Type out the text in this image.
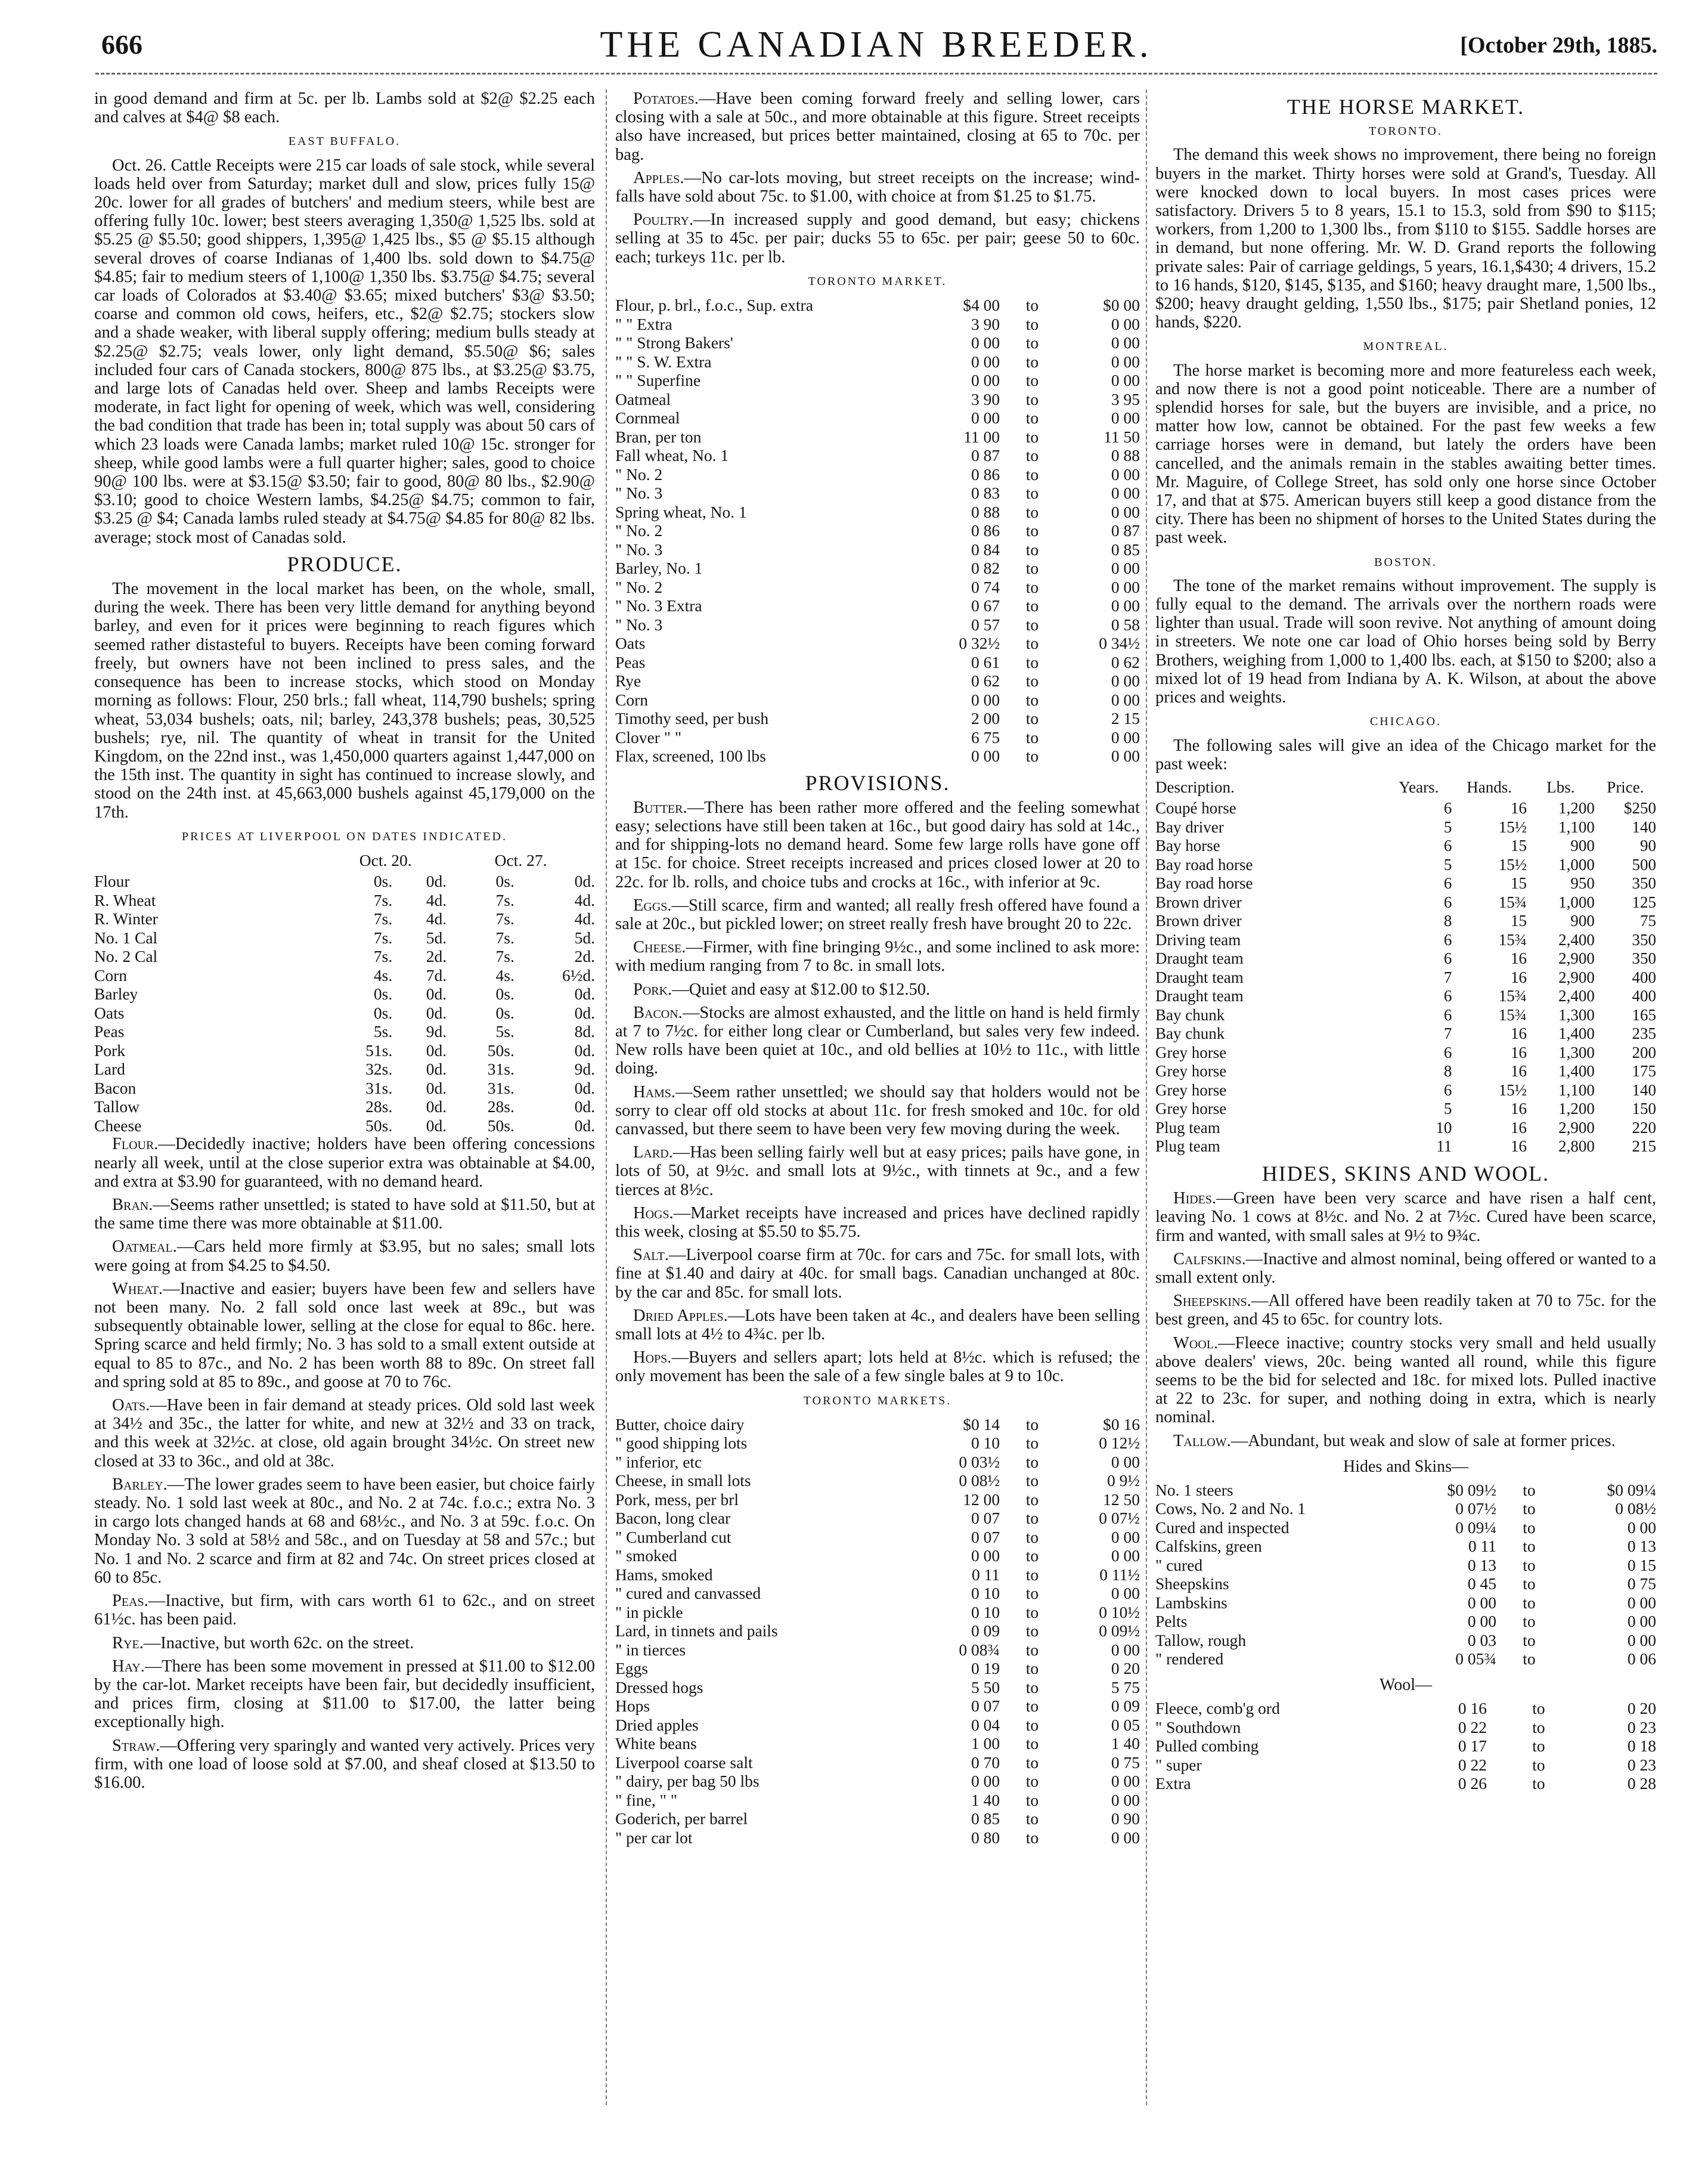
666	THE CANADIAN BREEDER.	[October 29th, 1885.

in good demand and firm at 5c. per lb. Lambs sold at $2@ $2.25 each and calves at $4@ $8 each.

EAST BUFFALO.

Oct. 26. Cattle Receipts were 215 car loads of sale stock, while several loads held over from Saturday; market dull and slow, prices fully 15@ 20c. lower for all grades of butchers' and medium steers, while best are offering fully 10c. lower; best steers averaging 1,350@ 1,525 lbs. sold at $5.25 @ $5.50; good shippers, 1,395@ 1,425 lbs., $5 @ $5.15 although several droves of coarse Indianas of 1,400 lbs. sold down to $4.75@ $4.85; fair to medium steers of 1,100@ 1,350 lbs. $3.75@ $4.75; several car loads of Colorados at $3.40@ $3.65; mixed butchers' $3@ $3.50; coarse and common old cows, heifers, etc., $2@ $2.75; stockers slow and a shade weaker, with liberal supply offering; medium bulls steady at $2.25@ $2.75; veals lower, only light demand, $5.50@ $6; sales included four cars of Canada stockers, 800@ 875 lbs., at $3.25@ $3.75, and large lots of Canadas held over. Sheep and lambs Receipts were moderate, in fact light for opening of week, which was well, considering the bad condition that trade has been in; total supply was about 50 cars of which 23 loads were Canada lambs; market ruled 10@ 15c. stronger for sheep, while good lambs were a full quarter higher; sales, good to choice 90@ 100 lbs. were at $3.15@ $3.50; fair to good, 80@ 80 lbs., $2.90@ $3.10; good to choice Western lambs, $4.25@ $4.75; common to fair, $3.25 @ $4; Canada lambs ruled steady at $4.75@ $4.85 for 80@ 82 lbs. average; stock most of Canadas sold.

PRODUCE.

The movement in the local market has been, on the whole, small, during the week. There has been very little demand for anything beyond barley, and even for it prices were beginning to reach figures which seemed rather distasteful to buyers. Receipts have been coming forward freely, but owners have not been inclined to press sales, and the consequence has been to increase stocks, which stood on Monday morning as follows: Flour, 250 brls.; fall wheat, 114,790 bushels; spring wheat, 53,034 bushels; oats, nil; barley, 243,378 bushels; peas, 30,525 bushels; rye, nil. The quantity of wheat in transit for the United Kingdom, on the 22nd inst., was 1,450,000 quarters against 1,447,000 on the 15th inst. The quantity in sight has continued to increase slowly, and stood on the 24th inst. at 45,663,000 bushels against 45,179,000 on the 17th.

PRICES AT LIVERPOOL ON DATES INDICATED.
	Oct. 20.		Oct. 27.	
Flour	0s.	0d.	0s.	0d.
R. Wheat	7s.	4d.	7s.	4d.
R. Winter	7s.	4d.	7s.	4d.
No. 1 Cal	7s.	5d.	7s.	5d.
No. 2 Cal	7s.	2d.	7s.	2d.
Corn	4s.	7d.	4s.	6½d.
Barley	0s.	0d.	0s.	0d.
Oats	0s.	0d.	0s.	0d.
Peas	5s.	9d.	5s.	8d.
Pork	51s.	0d.	50s.	0d.
Lard	32s.	0d.	31s.	9d.
Bacon	31s.	0d.	31s.	0d.
Tallow	28s.	0d.	28s.	0d.
Cheese	50s.	0d.	50s.	0d.

Flour.—Decidedly inactive; holders have been offering concessions nearly all week, until at the close superior extra was obtainable at $4.00, and extra at $3.90 for guaranteed, with no demand heard.

Bran.—Seems rather unsettled; is stated to have sold at $11.50, but at the same time there was more obtainable at $11.00.

Oatmeal.—Cars held more firmly at $3.95, but no sales; small lots were going at from $4.25 to $4.50.

Wheat.—Inactive and easier; buyers have been few and sellers have not been many. No. 2 fall sold once last week at 89c., but was subsequently obtainable lower, selling at the close for equal to 86c. here. Spring scarce and held firmly; No. 3 has sold to a small extent outside at equal to 85 to 87c., and No. 2 has been worth 88 to 89c. On street fall and spring sold at 85 to 89c., and goose at 70 to 76c.

Oats.—Have been in fair demand at steady prices. Old sold last week at 34½ and 35c., the latter for white, and new at 32½ and 33 on track, and this week at 32½c. at close, old again brought 34½c. On street new closed at 33 to 36c., and old at 38c.

Barley.—The lower grades seem to have been easier, but choice fairly steady. No. 1 sold last week at 80c., and No. 2 at 74c. f.o.c.; extra No. 3 in cargo lots changed hands at 68 and 68½c., and No. 3 at 59c. f.o.c. On Monday No. 3 sold at 58½ and 58c., and on Tuesday at 58 and 57c.; but No. 1 and No. 2 scarce and firm at 82 and 74c. On street prices closed at 60 to 85c.

Peas.—Inactive, but firm, with cars worth 61 to 62c., and on street 61½c. has been paid.

Rye.—Inactive, but worth 62c. on the street.

Hay.—There has been some movement in pressed at $11.00 to $12.00 by the car-lot. Market receipts have been fair, but decidedly insufficient, and prices firm, closing at $11.00 to $17.00, the latter being exceptionally high.

Straw.—Offering very sparingly and wanted very actively. Prices very firm, with one load of loose sold at $7.00, and sheaf closed at $13.50 to $16.00.

Potatoes.—Have been coming forward freely and selling lower, cars closing with a sale at 50c., and more obtainable at this figure. Street receipts also have increased, but prices better maintained, closing at 65 to 70c. per bag.

Apples.—No car-lots moving, but street receipts on the increase; wind-falls have sold about 75c. to $1.00, with choice at from $1.25 to $1.75.

Poultry.—In increased supply and good demand, but easy; chickens selling at 35 to 45c. per pair; ducks 55 to 65c. per pair; geese 50 to 60c. each; turkeys 11c. per lb.

TORONTO MARKET.
Flour, p. brl., f.o.c., Sup. extra	$4 00	to	$0 00
" " Extra	3 90	to	0 00
" " Strong Bakers'	0 00	to	0 00
" " S. W. Extra	0 00	to	0 00
" " Superfine	0 00	to	0 00
Oatmeal	3 90	to	3 95
Cornmeal	0 00	to	0 00
Bran, per ton	11 00	to	11 50
Fall wheat, No. 1	0 87	to	0 88
" No. 2	0 86	to	0 00
" No. 3	0 83	to	0 00
Spring wheat, No. 1	0 88	to	0 00
" No. 2	0 86	to	0 87
" No. 3	0 84	to	0 85
Barley, No. 1	0 82	to	0 00
" No. 2	0 74	to	0 00
" No. 3 Extra	0 67	to	0 00
" No. 3	0 57	to	0 58
Oats	0 32½	to	0 34½
Peas	0 61	to	0 62
Rye	0 62	to	0 00
Corn	0 00	to	0 00
Timothy seed, per bush	2 00	to	2 15
Clover " "	6 75	to	0 00
Flax, screened, 100 lbs	0 00	to	0 00
PROVISIONS.

Butter.—There has been rather more offered and the feeling somewhat easy; selections have still been taken at 16c., but good dairy has sold at 14c., and for shipping-lots no demand heard. Some few large rolls have gone off at 15c. for choice. Street receipts increased and prices closed lower at 20 to 22c. for lb. rolls, and choice tubs and crocks at 16c., with inferior at 9c.

Eggs.—Still scarce, firm and wanted; all really fresh offered have found a sale at 20c., but pickled lower; on street really fresh have brought 20 to 22c.

Cheese.—Firmer, with fine bringing 9½c., and some inclined to ask more: with medium ranging from 7 to 8c. in small lots.

Pork.—Quiet and easy at $12.00 to $12.50.

Bacon.—Stocks are almost exhausted, and the little on hand is held firmly at 7 to 7½c. for either long clear or Cumberland, but sales very few indeed. New rolls have been quiet at 10c., and old bellies at 10½ to 11c., with little doing.

Hams.—Seem rather unsettled; we should say that holders would not be sorry to clear off old stocks at about 11c. for fresh smoked and 10c. for old canvassed, but there seem to have been very few moving during the week.

Lard.—Has been selling fairly well but at easy prices; pails have gone, in lots of 50, at 9½c. and small lots at 9½c., with tinnets at 9c., and a few tierces at 8½c.

Hogs.—Market receipts have increased and prices have declined rapidly this week, closing at $5.50 to $5.75.

Salt.—Liverpool coarse firm at 70c. for cars and 75c. for small lots, with fine at $1.40 and dairy at 40c. for small bags. Canadian unchanged at 80c. by the car and 85c. for small lots.

Dried Apples.—Lots have been taken at 4c., and dealers have been selling small lots at 4½ to 4¾c. per lb.

Hops.—Buyers and sellers apart; lots held at 8½c. which is refused; the only movement has been the sale of a few single bales at 9 to 10c.

TORONTO MARKETS.
Butter, choice dairy	$0 14	to	$0 16
" good shipping lots	0 10	to	0 12½
" inferior, etc	0 03½	to	0 00
Cheese, in small lots	0 08½	to	0 9½
Pork, mess, per brl	12 00	to	12 50
Bacon, long clear	0 07	to	0 07½
" Cumberland cut	0 07	to	0 00
" smoked	0 00	to	0 00
Hams, smoked	0 11	to	0 11½
" cured and canvassed	0 10	to	0 00
" in pickle	0 10	to	0 10½
Lard, in tinnets and pails	0 09	to	0 09½
" in tierces	0 08¾	to	0 00
Eggs	0 19	to	0 20
Dressed hogs	5 50	to	5 75
Hops	0 07	to	0 09
Dried apples	0 04	to	0 05
White beans	1 00	to	1 40
Liverpool coarse salt	0 70	to	0 75
" dairy, per bag 50 lbs	0 00	to	0 00
" fine, " "	1 40	to	0 00
Goderich, per barrel	0 85	to	0 90
" per car lot	0 80	to	0 00
THE HORSE MARKET.
TORONTO.

The demand this week shows no improvement, there being no foreign buyers in the market. Thirty horses were sold at Grand's, Tuesday. All were knocked down to local buyers. In most cases prices were satisfactory. Drivers 5 to 8 years, 15.1 to 15.3, sold from $90 to $115; workers, from 1,200 to 1,300 lbs., from $110 to $155. Saddle horses are in demand, but none offering. Mr. W. D. Grand reports the following private sales: Pair of carriage geldings, 5 years, 16.1,$430; 4 drivers, 15.2 to 16 hands, $120, $145, $135, and $160; heavy draught mare, 1,500 lbs., $200; heavy draught gelding, 1,550 lbs., $175; pair Shetland ponies, 12 hands, $220.

MONTREAL.

The horse market is becoming more and more featureless each week, and now there is not a good point noticeable. There are a number of splendid horses for sale, but the buyers are invisible, and a price, no matter how low, cannot be obtained. For the past few weeks a few carriage horses were in demand, but lately the orders have been cancelled, and the animals remain in the stables awaiting better times. Mr. Maguire, of College Street, has sold only one horse since October 17, and that at $75. American buyers still keep a good distance from the city. There has been no shipment of horses to the United States during the past week.

BOSTON.

The tone of the market remains without improvement. The supply is fully equal to the demand. The arrivals over the northern roads were lighter than usual. Trade will soon revive. Not anything of amount doing in streeters. We note one car load of Ohio horses being sold by Berry Brothers, weighing from 1,000 to 1,400 lbs. each, at $150 to $200; also a mixed lot of 19 head from Indiana by A. K. Wilson, at about the above prices and weights.

CHICAGO.

The following sales will give an idea of the Chicago market for the past week:

Description.	Years.	Hands.	Lbs.	Price.
Coupé horse	6	16	1,200	$250
Bay driver	5	15½	1,100	140
Bay horse	6	15	900	90
Bay road horse	5	15½	1,000	500
Bay road horse	6	15	950	350
Brown driver	6	15¾	1,000	125
Brown driver	8	15	900	75
Driving team	6	15¾	2,400	350
Draught team	6	16	2,900	350
Draught team	7	16	2,900	400
Draught team	6	15¾	2,400	400
Bay chunk	6	15¾	1,300	165
Bay chunk	7	16	1,400	235
Grey horse	6	16	1,300	200
Grey horse	8	16	1,400	175
Grey horse	6	15½	1,100	140
Grey horse	5	16	1,200	150
Plug team	10	16	2,900	220
Plug team	11	16	2,800	215
HIDES, SKINS AND WOOL.

Hides.—Green have been very scarce and have risen a half cent, leaving No. 1 cows at 8½c. and No. 2 at 7½c. Cured have been scarce, firm and wanted, with small sales at 9½ to 9¾c.

Calfskins.—Inactive and almost nominal, being offered or wanted to a small extent only.

Sheepskins.—All offered have been readily taken at 70 to 75c. for the best green, and 45 to 65c. for country lots.

Wool.—Fleece inactive; country stocks very small and held usually above dealers' views, 20c. being wanted all round, while this figure seems to be the bid for selected and 18c. for mixed lots. Pulled inactive at 22 to 23c. for super, and nothing doing in extra, which is nearly nominal.

Tallow.—Abundant, but weak and slow of sale at former prices.

Hides and Skins—
No. 1 steers	$0 09½	to	$0 09¼
Cows, No. 2 and No. 1	0 07½	to	0 08½
Cured and inspected	0 09¼	to	0 00
Calfskins, green	0 11	to	0 13
" cured	0 13	to	0 15
Sheepskins	0 45	to	0 75
Lambskins	0 00	to	0 00
Pelts	0 00	to	0 00
Tallow, rough	0 03	to	0 00
" rendered	0 05¾	to	0 06
Wool—
Fleece, comb'g ord	0 16	to	0 20
" Southdown	0 22	to	0 23
Pulled combing	0 17	to	0 18
" super	0 22	to	0 23
Extra	0 26	to	0 28
